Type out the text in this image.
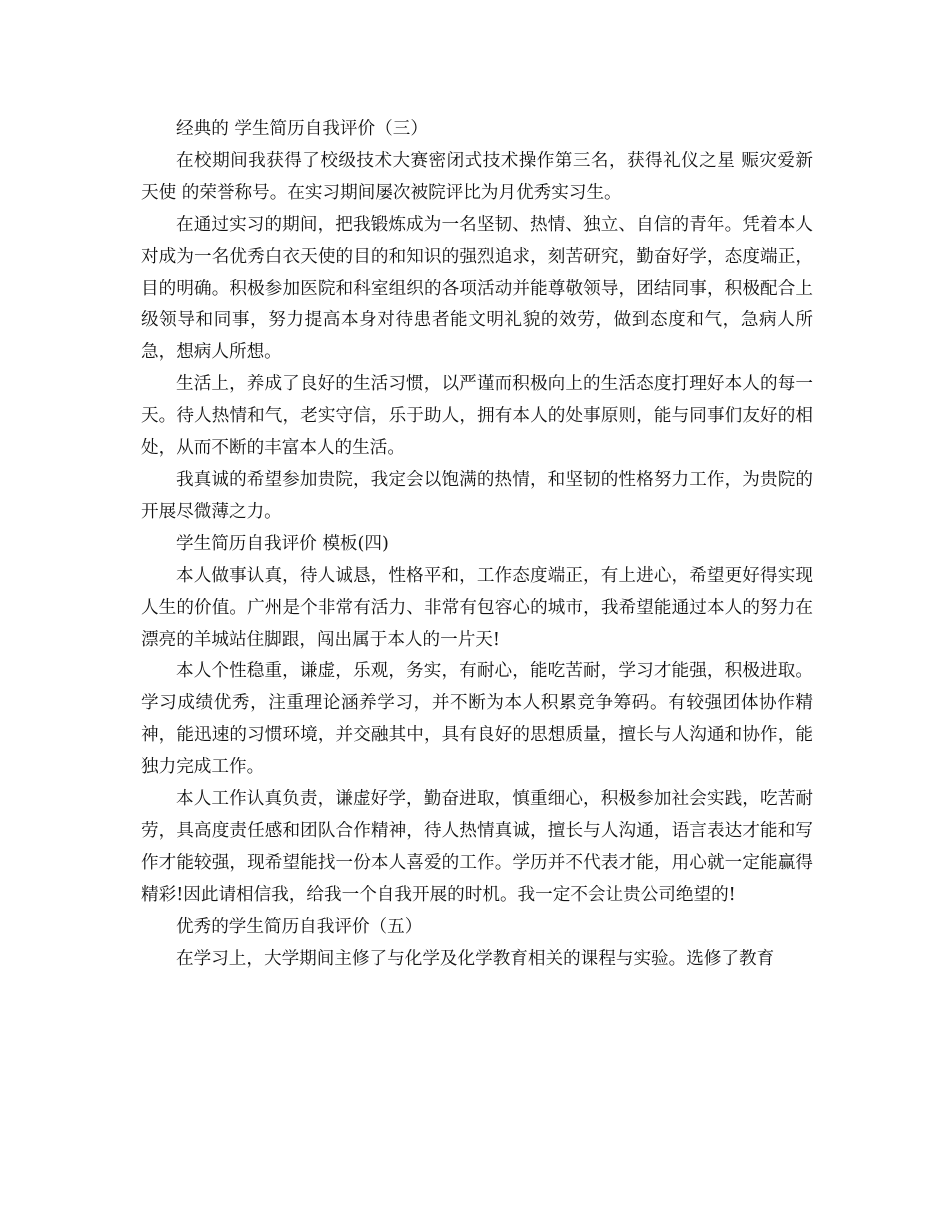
经典的 学生简历自我评价（三）

在校期间我获得了校级技术大赛密闭式技术操作第三名，获得礼仪之星 赈灾爱新天使 的荣誉称号。在实习期间屡次被院评比为月优秀实习生。

在通过实习的期间，把我锻炼成为一名坚韧、热情、独立、自信的青年。凭着本人对成为一名优秀白衣天使的目的和知识的强烈追求，刻苦研究，勤奋好学，态度端正，目的明确。积极参加医院和科室组织的各项活动并能尊敬领导，团结同事，积极配合上级领导和同事，努力提高本身对待患者能文明礼貌的效劳，做到态度和气，急病人所急，想病人所想。

生活上，养成了良好的生活习惯，以严谨而积极向上的生活态度打理好本人的每一天。待人热情和气，老实守信，乐于助人，拥有本人的处事原则，能与同事们友好的相处，从而不断的丰富本人的生活。

我真诚的希望参加贵院，我定会以饱满的热情，和坚韧的性格努力工作，为贵院的开展尽微薄之力。

学生简历自我评价 模板(四)

本人做事认真，待人诚恳，性格平和，工作态度端正，有上进心，希望更好得实现人生的价值。广州是个非常有活力、非常有包容心的城市，我希望能通过本人的努力在漂亮的羊城站住脚跟，闯出属于本人的一片天!

本人个性稳重，谦虚，乐观，务实，有耐心，能吃苦耐，学习才能强，积极进取。学习成绩优秀，注重理论涵养学习，并不断为本人积累竞争筹码。有较强团体协作精神，能迅速的习惯环境，并交融其中，具有良好的思想质量，擅长与人沟通和协作，能独力完成工作。

本人工作认真负责，谦虚好学，勤奋进取，慎重细心，积极参加社会实践，吃苦耐劳，具高度责任感和团队合作精神，待人热情真诚，擅长与人沟通，语言表达才能和写作才能较强，现希望能找一份本人喜爱的工作。学历并不代表才能，用心就一定能赢得精彩!因此请相信我，给我一个自我开展的时机。我一定不会让贵公司绝望的!

优秀的学生简历自我评价（五）

在学习上，大学期间主修了与化学及化学教育相关的课程与实验。选修了教育
